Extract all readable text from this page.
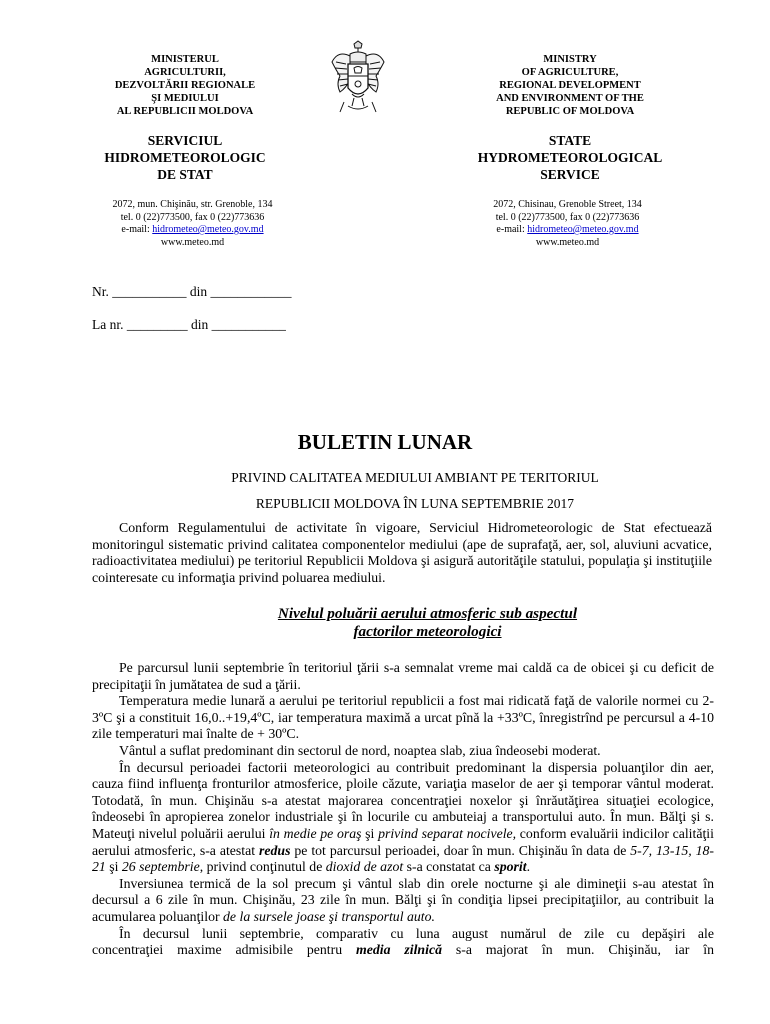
MINISTERUL
AGRICULTURII,
DEZVOLTĂRII REGIONALE
ŞI MEDIULUI
AL REPUBLICII MOLDOVA
MINISTRY
OF AGRICULTURE,
REGIONAL DEVELOPMENT
AND ENVIRONMENT OF THE
REPUBLIC OF MOLDOVA
SERVICIUL
HIDROMETEOROLOGIC
DE STAT
STATE
HYDROMETEOROLOGICAL
SERVICE
2072, mun. Chişinău, str. Grenoble, 134
tel. 0 (22)773500, fax 0 (22)773636
e-mail: hidrometeo@meteo.gov.md
www.meteo.md
2072, Chisinau, Grenoble Street, 134
tel. 0 (22)773500, fax 0 (22)773636
e-mail: hidrometeo@meteo.gov.md
www.meteo.md
Nr. ___________ din ____________
La nr. _________ din ___________
BULETIN LUNAR
PRIVIND CALITATEA MEDIULUI AMBIANT PE TERITORIUL
REPUBLICII MOLDOVA ÎN LUNA SEPTEMBRIE 2017

Conform Regulamentului de activitate în vigoare, Serviciul Hidrometeorologic de Stat efectuează monitoringul sistematic privind calitatea componentelor mediului (ape de suprafaţă, aer, sol, aluviuni acvatice, radioactivitatea mediului) pe teritoriul Republicii Moldova şi asigură autorităţile statului, populaţia şi instituţiile cointeresate cu informaţia privind poluarea mediului.

Nivelul poluării aerului atmosferic sub aspectul
factorilor meteorologici

Pe parcursul lunii septembrie în teritoriul ţării s-a semnalat vreme mai caldă ca de obicei şi cu deficit de precipitaţii în jumătatea de sud a ţării.

Temperatura medie lunară a aerului pe teritoriul republicii a fost mai ridicată faţă de valorile normei cu 2-3ºC şi a constituit 16,0..+19,4ºC, iar temperatura maximă a urcat pînă la +33ºC, înregistrînd pe percursul a 4-10 zile temperaturi mai înalte de + 30ºC.

Vântul a suflat predominant din sectorul de nord, noaptea slab, ziua îndeosebi moderat.

În decursul perioadei factorii meteorologici au contribuit predominant la dispersia poluanţilor din aer, cauza fiind influenţa fronturilor atmosferice, ploile căzute, variaţia maselor de aer şi temporar vântul moderat. Totodată, în mun. Chişinău s-a atestat majorarea concentraţiei noxelor şi înrăutăţirea situaţiei ecologice, îndeosebi în apropierea zonelor industriale şi în locurile cu ambuteiaj a transportului auto. În mun. Bălţi şi s. Mateuţi nivelul poluării aerului în medie pe oraş şi privind separat nocivele, conform evaluării indicilor calităţii aerului atmosferic, s-a atestat redus pe tot parcursul perioadei, doar în mun. Chişinău în data de 5-7, 13-15, 18-21 şi 26 septembrie, privind conţinutul de dioxid de azot s-a constatat ca sporit.

Inversiunea termică de la sol precum şi vântul slab din orele nocturne şi ale dimineţii s-au atestat în decursul a 6 zile în mun. Chişinău, 23 zile în mun. Bălţi şi în condiţia lipsei precipitaţiilor, au contribuit la acumularea poluanţilor de la sursele joase şi transportul auto.

În decursul lunii septembrie, comparativ cu luna august numărul de zile cu depăşiri ale

concentraţiei maxime admisibile pentru media zilnică s-a majorat în mun. Chişinău, iar în
